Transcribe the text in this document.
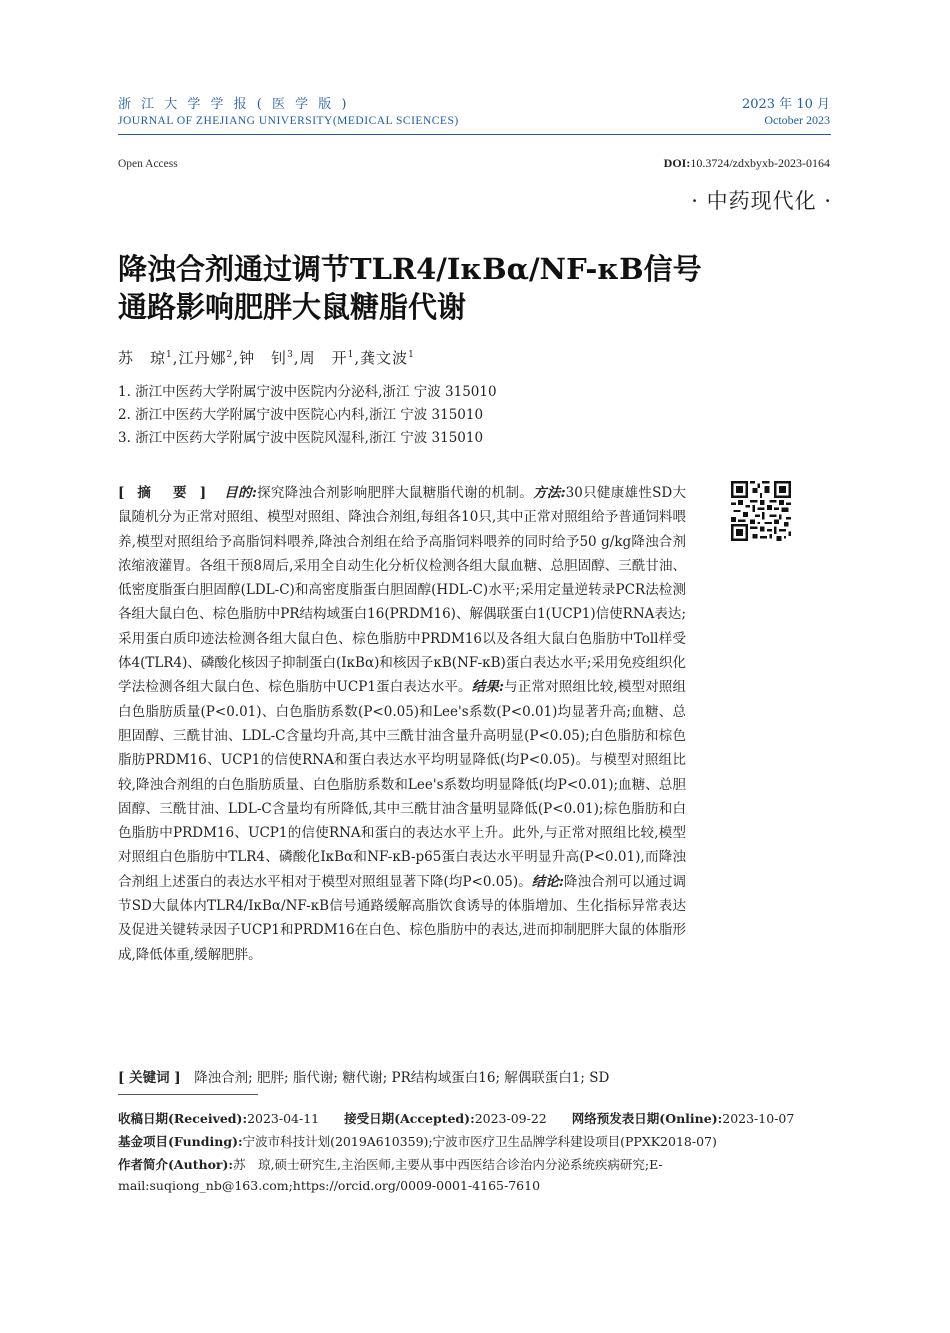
浙 江 大 学 学 报 ( 医 学 版 )
JOURNAL OF ZHEJIANG UNIVERSITY(MEDICAL SCIENCES)
2023 年 10 月
October 2023
Open Access	DOI:10.3724/zdxbyxb-2023-0164
· 中药现代化 ·
降浊合剂通过调节TLR4/IκBα/NF-κB信号
通路影响肥胖大鼠糖脂代谢
苏　琼$^1$,江丹娜$^2$,钟　钊$^3$,周　开$^1$,龚文波$^1$
1. 浙江中医药大学附属宁波中医院内分泌科,浙江 宁波 315010
2. 浙江中医药大学附属宁波中医院心内科,浙江 宁波 315010
3. 浙江中医药大学附属宁波中医院风湿科,浙江 宁波 315010
[ 摘　要 ]　 目的:探究降浊合剂影响肥胖大鼠糖脂代谢的机制。方法:30只健康雄性SD大鼠随机分为正常对照组、模型对照组、降浊合剂组,每组各10只,其中正常对照组给予普通饲料喂养,模型对照组给予高脂饲料喂养,降浊合剂组在给予高脂饲料喂养的同时给予50 g/kg降浊合剂浓缩液灌胃。各组干预8周后,采用全自动生化分析仪检测各组大鼠血糖、总胆固醇、三酰甘油、低密度脂蛋白胆固醇(LDL-C)和高密度脂蛋白胆固醇(HDL-C)水平;采用定量逆转录PCR法检测各组大鼠白色、棕色脂肪中PR结构域蛋白16(PRDM16)、解偶联蛋白1(UCP1)信使RNA表达;采用蛋白质印迹法检测各组大鼠白色、棕色脂肪中PRDM16以及各组大鼠白色脂肪中Toll样受体4(TLR4)、磷酸化核因子抑制蛋白(IκBα)和核因子κB(NF-κB)蛋白表达水平;采用免疫组织化学法检测各组大鼠白色、棕色脂肪中UCP1蛋白表达水平。结果:与正常对照组比较,模型对照组白色脂肪质量(P<0.01)、白色脂肪系数(P<0.05)和Lee's系数(P<0.01)均显著升高;血糖、总胆固醇、三酰甘油、LDL-C含量均升高,其中三酰甘油含量升高明显(P<0.05);白色脂肪和棕色脂肪PRDM16、UCP1的信使RNA和蛋白表达水平均明显降低(均P<0.05)。与模型对照组比较,降浊合剂组的白色脂肪质量、白色脂肪系数和Lee's系数均明显降低(均P<0.01);血糖、总胆固醇、三酰甘油、LDL-C含量均有所降低,其中三酰甘油含量明显降低(P<0.01);棕色脂肪和白色脂肪中PRDM16、UCP1的信使RNA和蛋白的表达水平上升。此外,与正常对照组比较,模型对照组白色脂肪中TLR4、磷酸化IκBα和NF-κB-p65蛋白表达水平明显升高(P<0.01),而降浊合剂组上述蛋白的表达水平相对于模型对照组显著下降(均P<0.05)。结论:降浊合剂可以通过调节SD大鼠体内TLR4/IκBα/NF-κB信号通路缓解高脂饮食诱导的体脂增加、生化指标异常表达及促进关键转录因子UCP1和PRDM16在白色、棕色脂肪中的表达,进而抑制肥胖大鼠的体脂形成,降低体重,缓解肥胖。
[ 关键词 ]　 降浊合剂; 肥胖; 脂代谢; 糖代谢; PR结构域蛋白16; 解偶联蛋白1; SD
收稿日期(Received):2023-04-11　　 接受日期(Accepted):2023-09-22　　 网络预发表日期(Online):2023-10-07
基金项目(Funding):宁波市科技计划(2019A610359);宁波市医疗卫生品牌学科建设项目(PPXK2018-07)
作者简介(Author):苏　琼,硕士研究生,主治医师,主要从事中西医结合诊治内分泌系统疾病研究;E-mail:suqiong_nb@163.com;https://orcid.org/0009-0001-4165-7610
